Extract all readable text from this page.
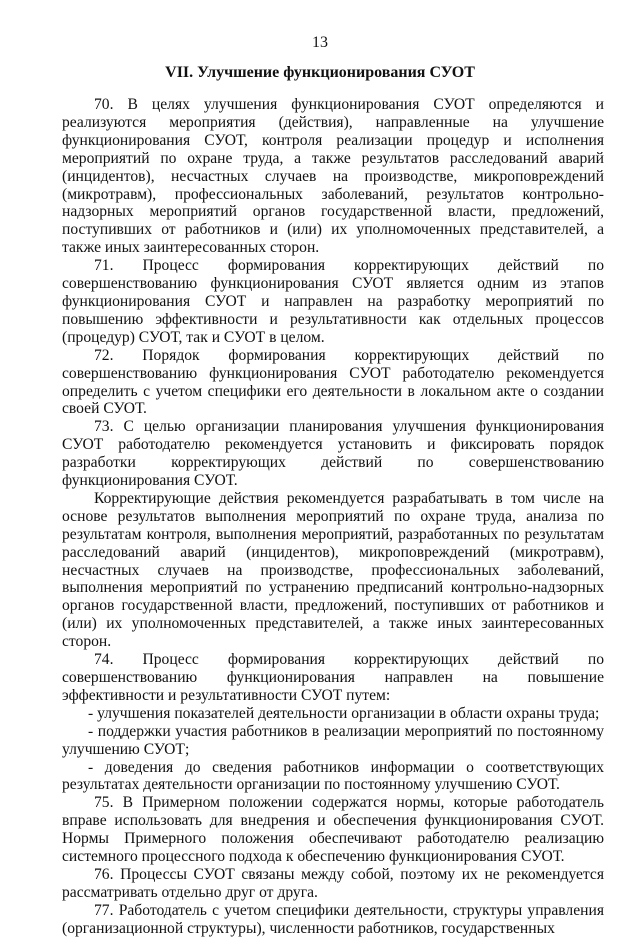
13
VII. Улучшение функционирования СУОТ

70. В целях улучшения функционирования СУОТ определяются и реализуются мероприятия (действия), направленные на улучшение функционирования СУОТ, контроля реализации процедур и исполнения мероприятий по охране труда, а также результатов расследований аварий (инцидентов), несчастных случаев на производстве, микроповреждений (микротравм), профессиональных заболеваний, результатов контрольно-надзорных мероприятий органов государственной власти, предложений, поступивших от работников и (или) их уполномоченных представителей, а также иных заинтересованных сторон.

71. Процесс формирования корректирующих действий по совершенствованию функционирования СУОТ является одним из этапов функционирования СУОТ и направлен на разработку мероприятий по повышению эффективности и результативности как отдельных процессов (процедур) СУОТ, так и СУОТ в целом.

72. Порядок формирования корректирующих действий по совершенствованию функционирования СУОТ работодателю рекомендуется определить с учетом специфики его деятельности в локальном акте о создании своей СУОТ.

73. С целью организации планирования улучшения функционирования СУОТ работодателю рекомендуется установить и фиксировать порядок разработки корректирующих действий по совершенствованию функционирования СУОТ.

Корректирующие действия рекомендуется разрабатывать в том числе на основе результатов выполнения мероприятий по охране труда, анализа по результатам контроля, выполнения мероприятий, разработанных по результатам расследований аварий (инцидентов), микроповреждений (микротравм), несчастных случаев на производстве, профессиональных заболеваний, выполнения мероприятий по устранению предписаний контрольно-надзорных органов государственной власти, предложений, поступивших от работников и (или) их уполномоченных представителей, а также иных заинтересованных сторон.

74. Процесс формирования корректирующих действий по совершенствованию функционирования направлен на повышение эффективности и результативности СУОТ путем:

- улучшения показателей деятельности организации в области охраны труда;

- поддержки участия работников в реализации мероприятий по постоянному улучшению СУОТ;

- доведения до сведения работников информации о соответствующих результатах деятельности организации по постоянному улучшению СУОТ.

75. В Примерном положении содержатся нормы, которые работодатель вправе использовать для внедрения и обеспечения функционирования СУОТ. Нормы Примерного положения обеспечивают работодателю реализацию системного процессного подхода к обеспечению функционирования СУОТ.

76. Процессы СУОТ связаны между собой, поэтому их не рекомендуется рассматривать отдельно друг от друга.

77. Работодатель с учетом специфики деятельности, структуры управления (организационной структуры), численности работников, государственных
